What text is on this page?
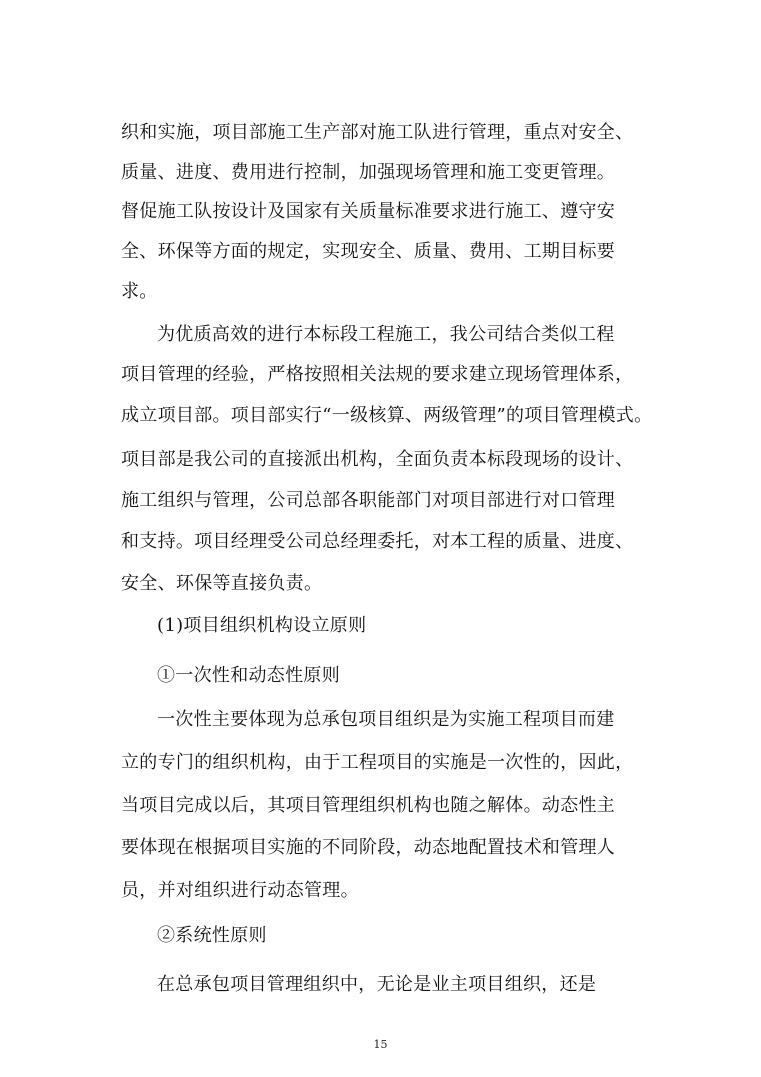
织和实施，项目部施工生产部对施工队进行管理，重点对安全、

质量、进度、费用进行控制，加强现场管理和施工变更管理。

督促施工队按设计及国家有关质量标准要求进行施工、遵守安

全、环保等方面的规定，实现安全、质量、费用、工期目标要

求。

为优质高效的进行本标段工程施工，我公司结合类似工程

项目管理的经验，严格按照相关法规的要求建立现场管理体系，

成立项目部。项目部实行“一级核算、两级管理”的项目管理模式。

项目部是我公司的直接派出机构，全面负责本标段现场的设计、

施工组织与管理，公司总部各职能部门对项目部进行对口管理

和支持。项目经理受公司总经理委托，对本工程的质量、进度、

安全、环保等直接负责。

(1)项目组织机构设立原则

①一次性和动态性原则

一次性主要体现为总承包项目组织是为实施工程项目而建

立的专门的组织机构，由于工程项目的实施是一次性的，因此，

当项目完成以后，其项目管理组织机构也随之解体。动态性主

要体现在根据项目实施的不同阶段，动态地配置技术和管理人

员，并对组织进行动态管理。

②系统性原则

在总承包项目管理组织中，无论是业主项目组织，还是

15
